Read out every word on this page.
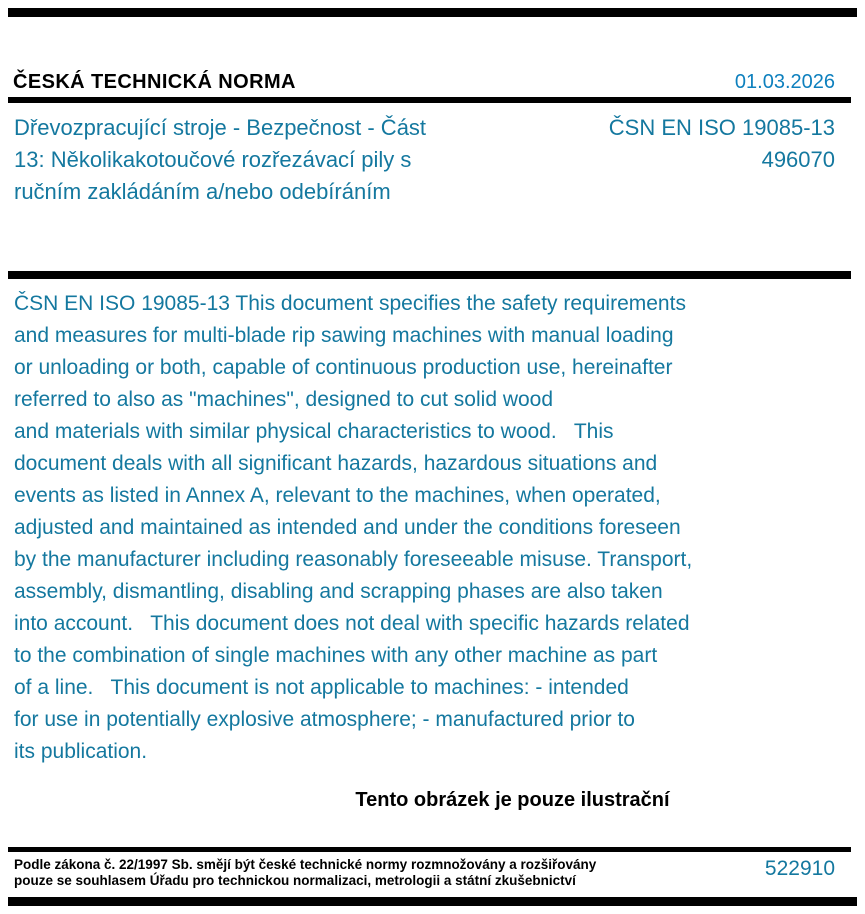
ČESKÁ TECHNICKÁ NORMA	01.03.2026
Dřevozpracující stroje - Bezpečnost - Část
13: Několikakotoučové rozřezávací pily s
ručním zakládáním a/nebo odebíráním
ČSN EN ISO 19085-13
496070
ČSN EN ISO 19085-13 This document specifies the safety requirements
and measures for multi-blade rip sawing machines with manual loading
or unloading or both, capable of continuous production use, hereinafter
referred to also as "machines", designed to cut solid wood
and materials with similar physical characteristics to wood.   This
document deals with all significant hazards, hazardous situations and
events as listed in Annex A, relevant to the machines, when operated,
adjusted and maintained as intended and under the conditions foreseen
by the manufacturer including reasonably foreseeable misuse. Transport,
assembly, dismantling, disabling and scrapping phases are also taken
into account.   This document does not deal with specific hazards related
to the combination of single machines with any other machine as part
of a line.   This document is not applicable to machines: - intended
for use in potentially explosive atmosphere; - manufactured prior to
its publication.
Tento obrázek je pouze ilustrační
Podle zákona č. 22/1997 Sb. smějí být české technické normy rozmnožovány a rozšiřovány
pouze se souhlasem Úřadu pro technickou normalizaci, metrologii a státní zkušebnictví
522910
